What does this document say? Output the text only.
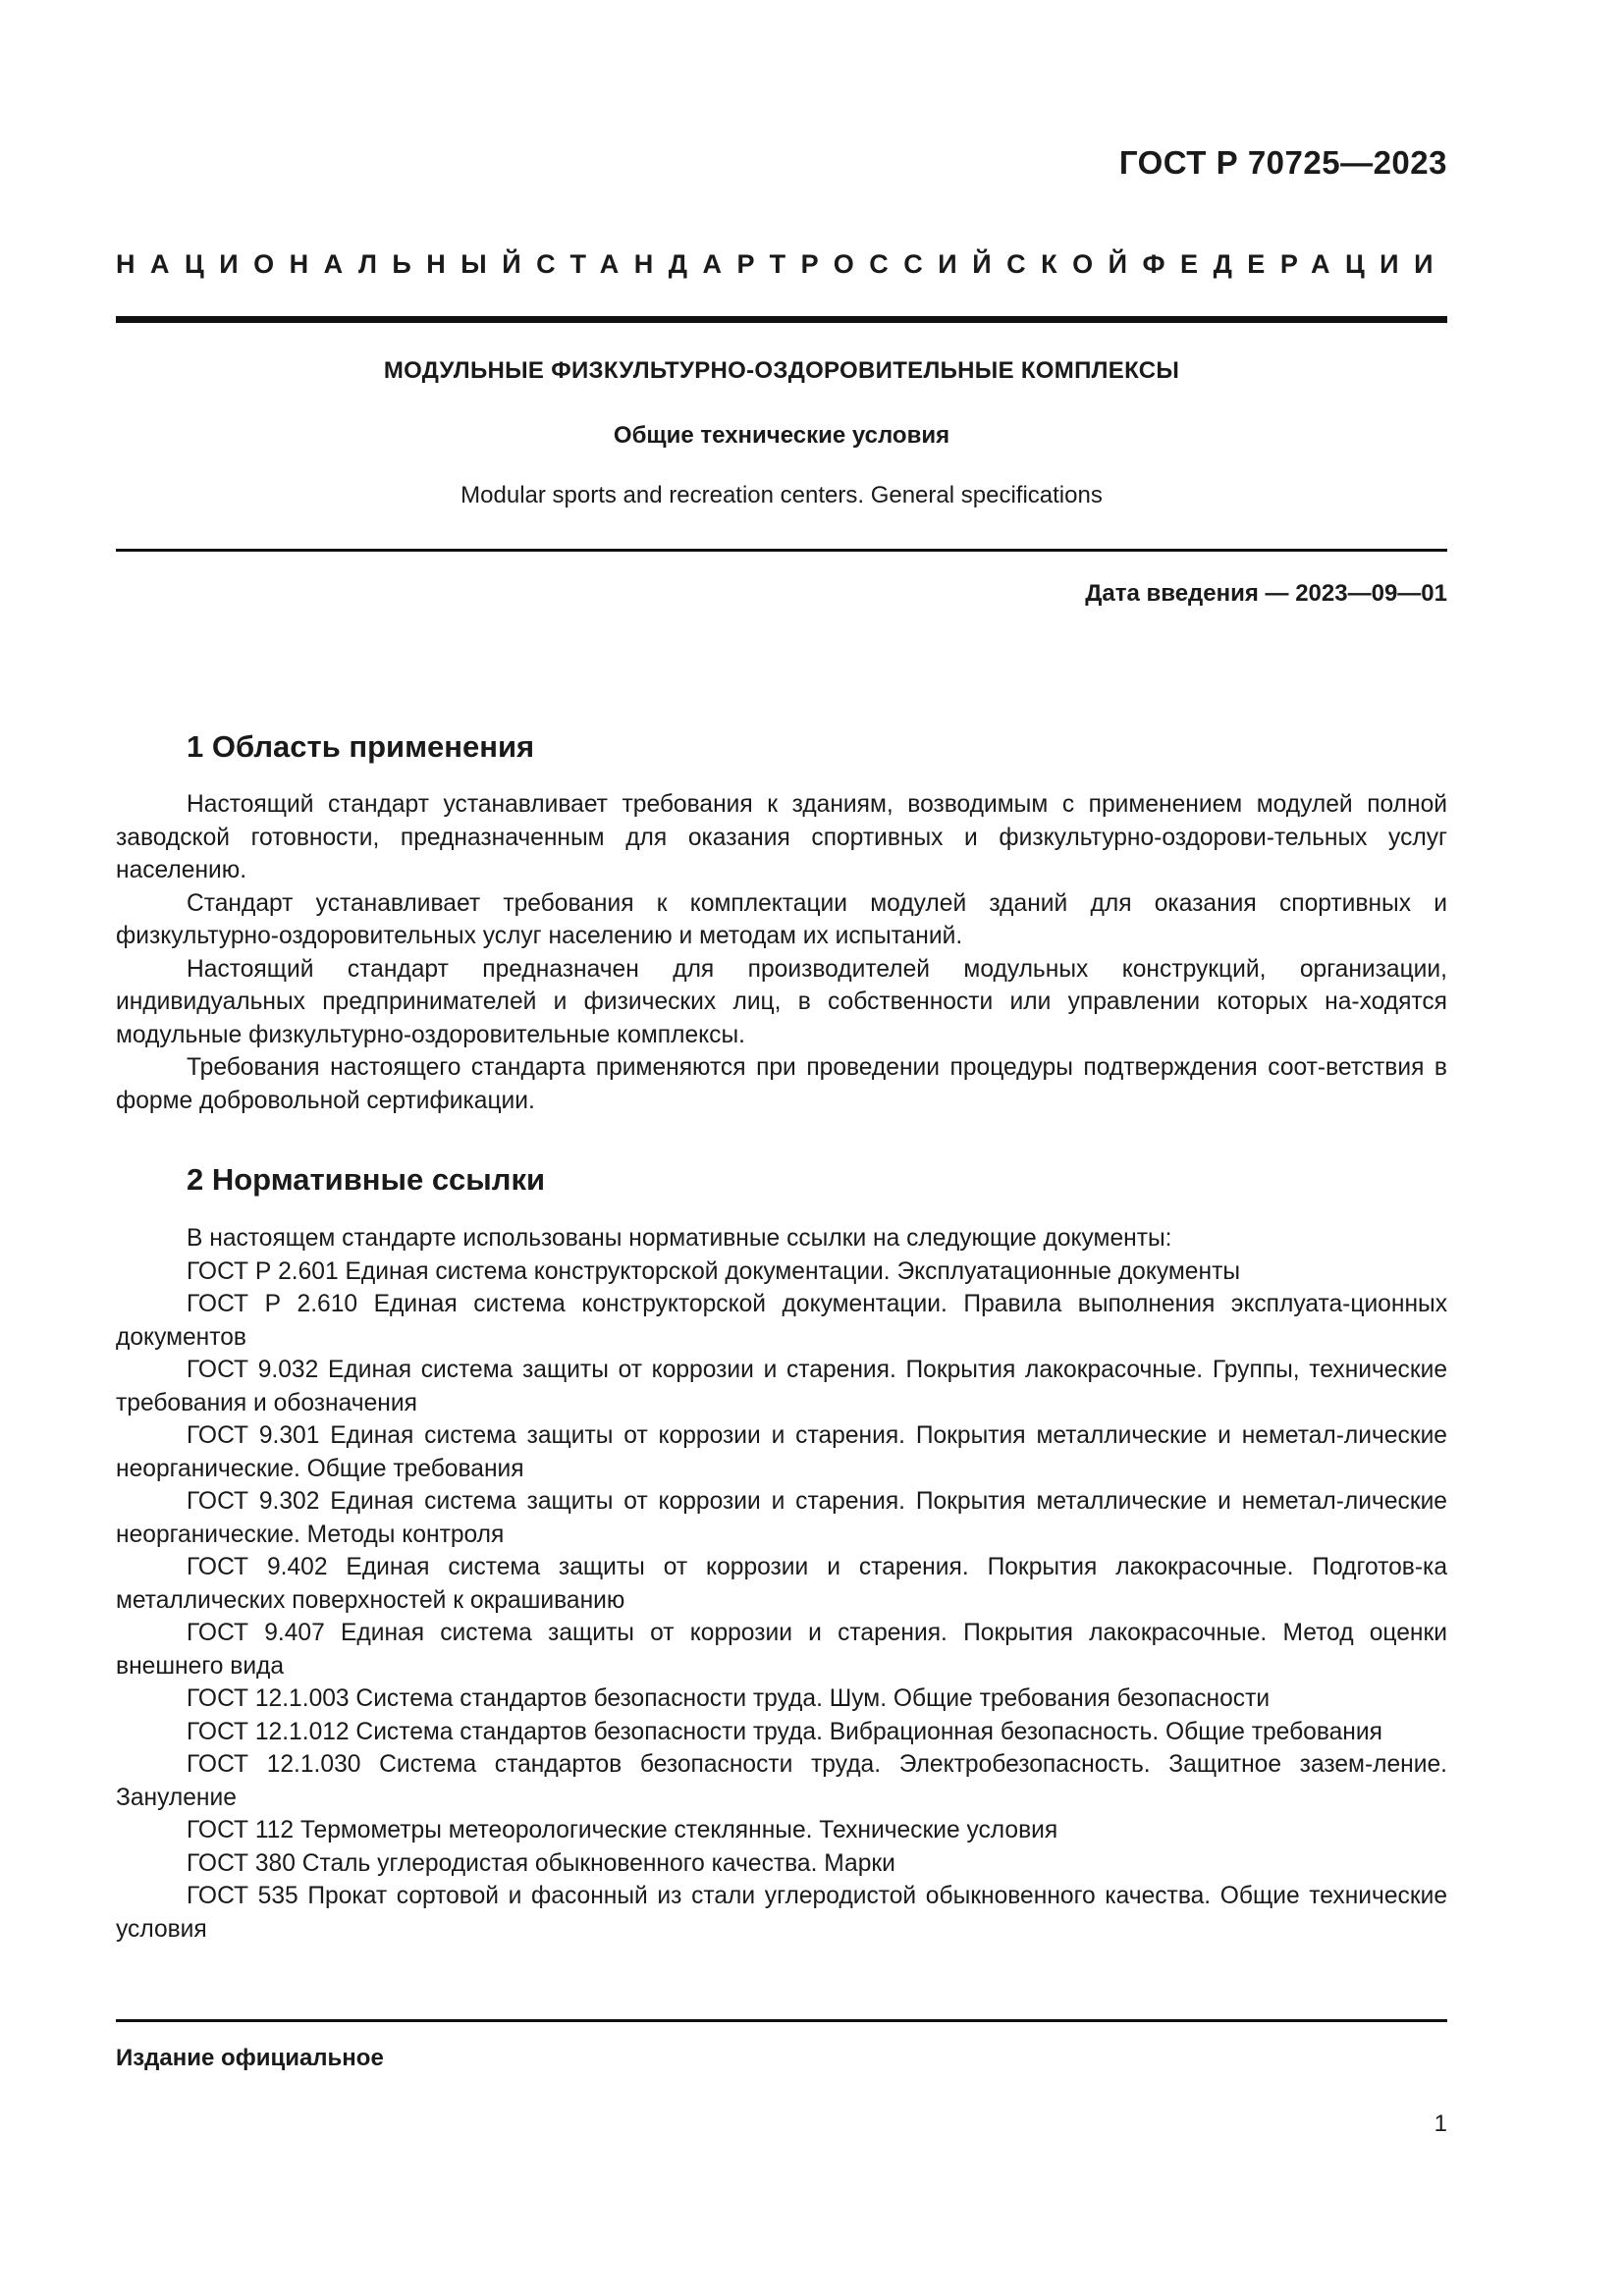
ГОСТ Р 70725—2023
НАЦИОНАЛЬНЫЙ СТАНДАРТ РОССИЙСКОЙ ФЕДЕРАЦИИ
МОДУЛЬНЫЕ ФИЗКУЛЬТУРНО-ОЗДОРОВИТЕЛЬНЫЕ КОМПЛЕКСЫ
Общие технические условия
Modular sports and recreation centers. General specifications
Дата введения — 2023—09—01
1 Область применения

Настоящий стандарт устанавливает требования к зданиям, возводимым с применением модулей полной заводской готовности, предназначенным для оказания спортивных и физкультурно-оздорови-тельных услуг населению.

Стандарт устанавливает требования к комплектации модулей зданий для оказания спортивных и физкультурно-оздоровительных услуг населению и методам их испытаний.

Настоящий стандарт предназначен для производителей модульных конструкций, организации, индивидуальных предпринимателей и физических лиц, в собственности или управлении которых на-ходятся модульные физкультурно-оздоровительные комплексы.

Требования настоящего стандарта применяются при проведении процедуры подтверждения соот-ветствия в форме добровольной сертификации.

2 Нормативные ссылки

В настоящем стандарте использованы нормативные ссылки на следующие документы:

ГОСТ Р 2.601 Единая система конструкторской документации. Эксплуатационные документы

ГОСТ Р 2.610 Единая система конструкторской документации. Правила выполнения эксплуата-ционных документов

ГОСТ 9.032 Единая система защиты от коррозии и старения. Покрытия лакокрасочные. Группы, технические требования и обозначения

ГОСТ 9.301 Единая система защиты от коррозии и старения. Покрытия металлические и неметал-лические неорганические. Общие требования

ГОСТ 9.302 Единая система защиты от коррозии и старения. Покрытия металлические и неметал-лические неорганические. Методы контроля

ГОСТ 9.402 Единая система защиты от коррозии и старения. Покрытия лакокрасочные. Подготов-ка металлических поверхностей к окрашиванию

ГОСТ 9.407 Единая система защиты от коррозии и старения. Покрытия лакокрасочные. Метод оценки внешнего вида

ГОСТ 12.1.003 Система стандартов безопасности труда. Шум. Общие требования безопасности

ГОСТ 12.1.012 Система стандартов безопасности труда. Вибрационная безопасность. Общие требования

ГОСТ 12.1.030 Система стандартов безопасности труда. Электробезопасность. Защитное зазем-ление. Зануление

ГОСТ 112 Термометры метеорологические стеклянные. Технические условия

ГОСТ 380 Сталь углеродистая обыкновенного качества. Марки

ГОСТ 535 Прокат сортовой и фасонный из стали углеродистой обыкновенного качества. Общие технические условия

Издание официальное
1
